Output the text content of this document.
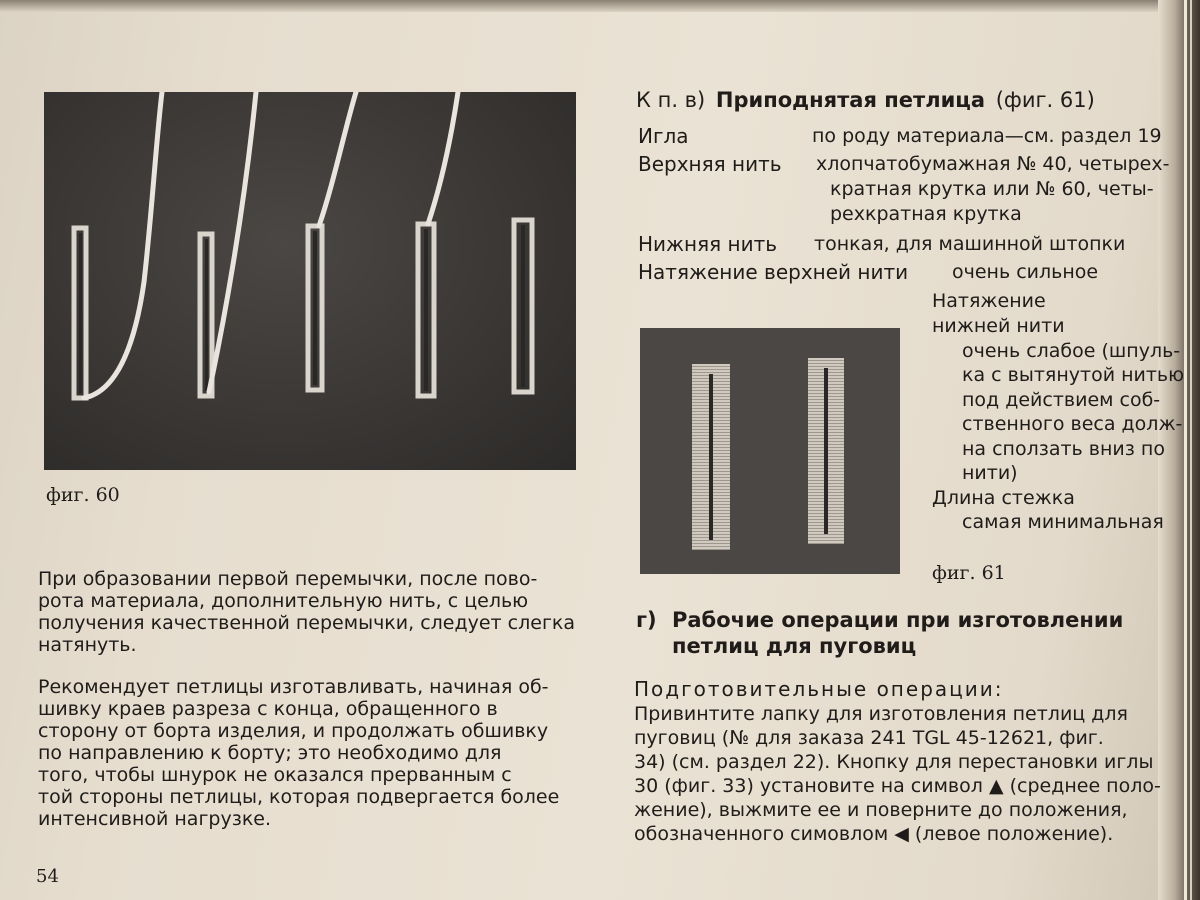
фиг. 60
При образовании первой перемычки, после пово-
рота материала, дополнительную нить, с целью
получения качественной перемычки, следует слегка
натянуть.
Рекомендует петлицы изготавливать, начиная об-
шивку краев разреза с конца, обращенного в
сторону от борта изделия, и продолжать обшивку
по направлению к борту; это необходимо для
того, чтобы шнурок не оказался прерванным с
той стороны петлицы, которая подвергается более
интенсивной нагрузке.
54
К п. в) Приподнятая петлица (фиг. 61)
Игла	по роду материала—см. раздел 19
Верхняя нить хлопчатобумажная № 40, четырех-
кратная крутка или № 60, четы-
рехкратная крутка
Нижняя нить тонкая, для машинной штопки
Натяжение верхней нити очень сильное
Натяжение
нижней нити
очень слабое (шпуль-
ка с вытянутой нитью
под действием соб-
ственного веса долж-
на сползать вниз по
нити)
Длина стежка
самая минимальная
фиг. 61
г) Рабочие операции при изготовлении
петлиц для пуговиц
Подготовительные операции:
Привинтите лапку для изготовления петлиц для
пуговиц (№ для заказа 241 TGL 45-12621, фиг.
34) (см. раздел 22). Кнопку для перестановки иглы
30 (фиг. 33) установите на символ ▲ (среднее поло-
жение), выжмите ее и поверните до положения,
обозначенного симовлом ◀ (левое положение).
